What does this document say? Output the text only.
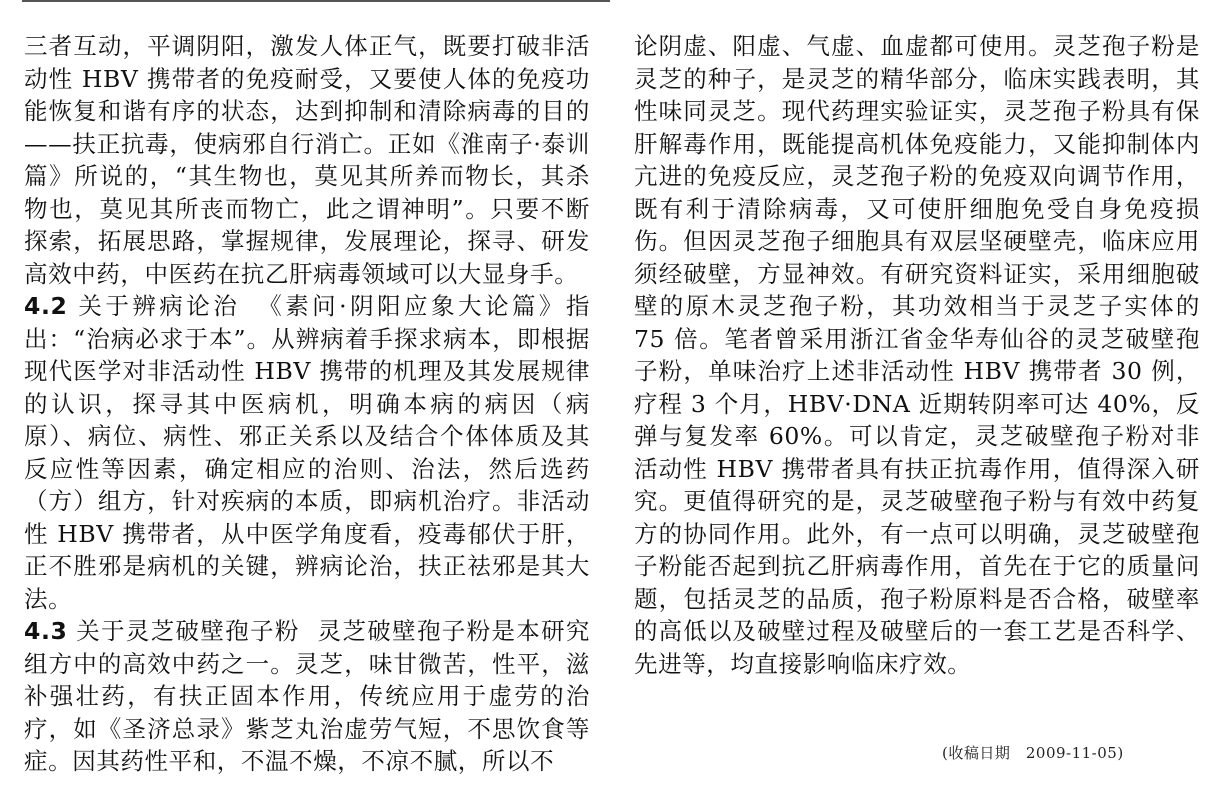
三者互动，平调阴阳，激发人体正气，既要打破非活动性 HBV 携带者的免疫耐受，又要使人体的免疫功能恢复和谐有序的状态，达到抑制和清除病毒的目的——扶正抗毒，使病邪自行消亡。正如《淮南子·泰训篇》所说的，“其生物也，莫见其所养而物长，其杀物也，莫见其所丧而物亡，此之谓神明”。只要不断探索，拓展思路，掌握规律，发展理论，探寻、研发高效中药，中医药在抗乙肝病毒领域可以大显身手。

4.2 关于辨病论治 《素问·阴阳应象大论篇》指出：“治病必求于本”。从辨病着手探求病本，即根据现代医学对非活动性 HBV 携带的机理及其发展规律的认识，探寻其中医病机，明确本病的病因（病原）、病位、病性、邪正关系以及结合个体体质及其反应性等因素，确定相应的治则、治法，然后选药（方）组方，针对疾病的本质，即病机治疗。非活动性 HBV 携带者，从中医学角度看，疫毒郁伏于肝，正不胜邪是病机的关键，辨病论治，扶正祛邪是其大法。

4.3 关于灵芝破壁孢子粉 灵芝破壁孢子粉是本研究组方中的高效中药之一。灵芝，味甘微苦，性平，滋补强壮药，有扶正固本作用，传统应用于虚劳的治疗，如《圣济总录》紫芝丸治虚劳气短，不思饮食等症。因其药性平和，不温不燥，不凉不腻，所以不

论阴虚、阳虚、气虚、血虚都可使用。灵芝孢子粉是灵芝的种子，是灵芝的精华部分，临床实践表明，其性味同灵芝。现代药理实验证实，灵芝孢子粉具有保肝解毒作用，既能提高机体免疫能力，又能抑制体内亢进的免疫反应，灵芝孢子粉的免疫双向调节作用，既有利于清除病毒，又可使肝细胞免受自身免疫损伤。但因灵芝孢子细胞具有双层坚硬壁壳，临床应用须经破壁，方显神效。有研究资料证实，采用细胞破壁的原木灵芝孢子粉，其功效相当于灵芝子实体的 75 倍。笔者曾采用浙江省金华寿仙谷的灵芝破壁孢子粉，单味治疗上述非活动性 HBV 携带者 30 例，疗程 3 个月，HBV·DNA 近期转阴率可达 40%，反弹与复发率 60%。可以肯定，灵芝破壁孢子粉对非活动性 HBV 携带者具有扶正抗毒作用，值得深入研究。更值得研究的是，灵芝破壁孢子粉与有效中药复方的协同作用。此外，有一点可以明确，灵芝破壁孢子粉能否起到抗乙肝病毒作用，首先在于它的质量问题，包括灵芝的品质，孢子粉原料是否合格，破壁率的高低以及破壁过程及破壁后的一套工艺是否科学、先进等，均直接影响临床疗效。

(收稿日期　2009-11-05)
